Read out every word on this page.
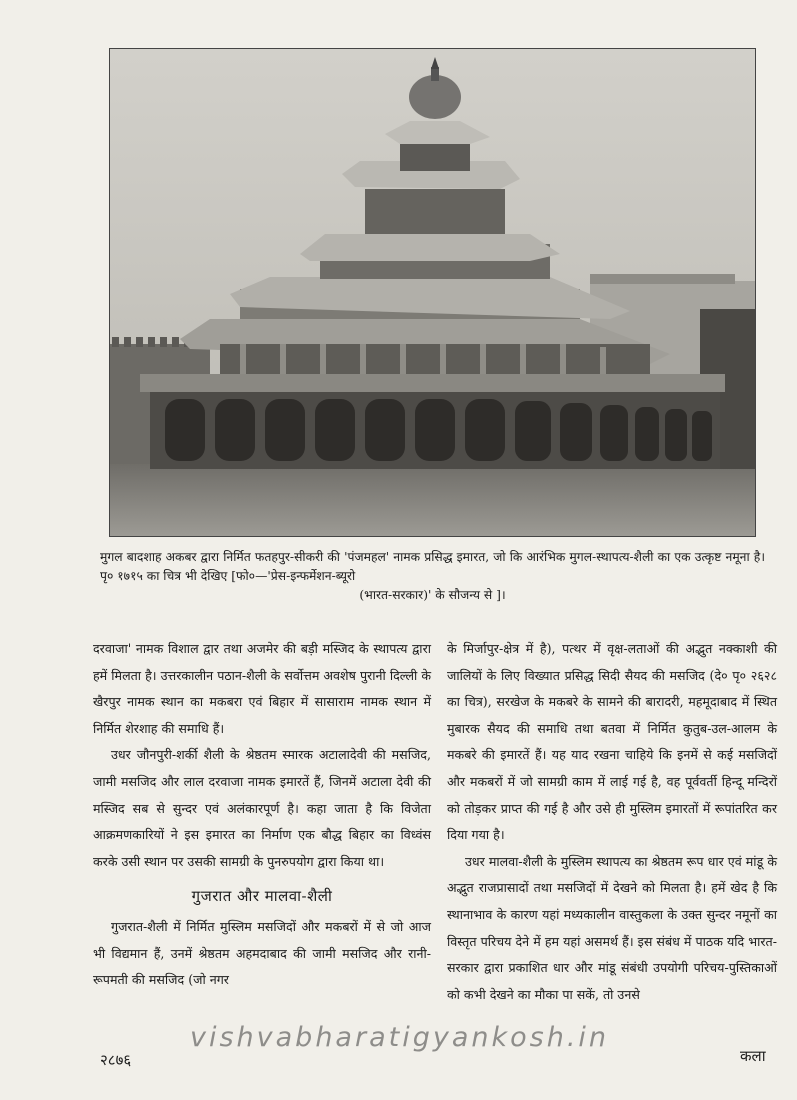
मुगल बादशाह अकबर द्वारा निर्मित फतहपुर-सीकरी की 'पंजमहल' नामक प्रसिद्ध इमारत, जो कि आरंभिक मुगल-स्थापत्य-शैली का एक उत्कृष्ट नमूना है। पृ० १७१५ का चित्र भी देखिए [फो०—'प्रेस-इन्फर्मेशन-ब्यूरो
(भारत-सरकार)' के सौजन्य से ]।

दरवाजा' नामक विशाल द्वार तथा अजमेर की बड़ी मस्जिद के स्थापत्य द्वारा हमें मिलता है। उत्तरकालीन पठान-शैली के सर्वोत्तम अवशेष पुरानी दिल्ली के खैरपुर नामक स्थान का मकबरा एवं बिहार में सासाराम नामक स्थान में निर्मित शेरशाह की समाधि हैं।

उधर जौनपुरी-शर्की शैली के श्रेष्ठतम स्मारक अटालादेवी की मसजिद, जामी मसजिद और लाल दरवाजा नामक इमारतें हैं, जिनमें अटाला देवी की मस्जिद सब से सुन्दर एवं अलंकारपूर्ण है। कहा जाता है कि विजेता आक्रमणकारियों ने इस इमारत का निर्माण एक बौद्ध बिहार का विध्वंस करके उसी स्थान पर उसकी सामग्री के पुनरुपयोग द्वारा किया था।

गुजरात और मालवा-शैली

गुजरात-शैली में निर्मित मुस्लिम मसजिदों और मकबरों में से जो आज भी विद्यमान हैं, उनमें श्रेष्ठतम अहमदाबाद की जामी मसजिद और रानी-रूपमती की मसजिद (जो नगर

के मिर्जापुर-क्षेत्र में है), पत्थर में वृक्ष-लताओं की अद्भुत नक्काशी की जालियों के लिए विख्यात प्रसिद्ध सिदी सैयद की मसजिद (दे० पृ० २६२८ का चित्र), सरखेज के मकबरे के सामने की बारादरी, महमूदाबाद में स्थित मुबारक सैयद की समाधि तथा बतवा में निर्मित कुतुब-उल-आलम के मकबरे की इमारतें हैं। यह याद रखना चाहिये कि इनमें से कई मसजिदों और मकबरों में जो सामग्री काम में लाई गई है, वह पूर्ववर्ती हिन्दू मन्दिरों को तोड़कर प्राप्त की गई है और उसे ही मुस्लिम इमारतों में रूपांतरित कर दिया गया है।

उधर मालवा-शैली के मुस्लिम स्थापत्य का श्रेष्ठतम रूप धार एवं मांडू के अद्भुत राजप्रासादों तथा मसजिदों में देखने को मिलता है। हमें खेद है कि स्थानाभाव के कारण यहां मध्यकालीन वास्तुकला के उक्त सुन्दर नमूनों का विस्तृत परिचय देने में हम यहां असमर्थ हैं। इस संबंध में पाठक यदि भारत-सरकार द्वारा प्रकाशित धार और मांडू संबंधी उपयोगी परिचय-पुस्तिकाओं को कभी देखने का मौका पा सकें, तो उनसे

vishvabharatigyankosh.in
२८७६	कला
